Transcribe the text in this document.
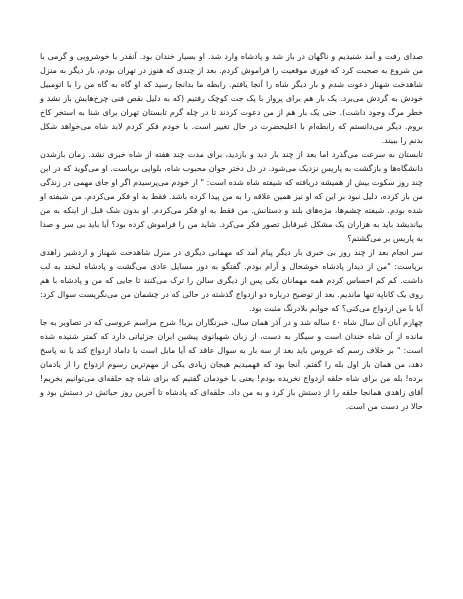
صدای رفت و آمد شنیدیم و ناگهان در باز شد و پادشاه وارد شد. او بسیار خندان بود. آنقدر با خوشرویی و گرمی با من شروع به صحبت کرد که فوری موقعیت را فراموش کردم. بعد از چندی که هنوز در تهران بودم، بار دیگر به منزل شاهدخت شهناز دعوت شدم و بار دیگر شاه را آنجا یافتم. رابطه ما بدانجا رسید که او گاه به گاه من را با اتومبیل خودش به گردش می‌برد. یک بار هم برای پرواز با یک جت کوچک رفتیم (که به دلیل نقص فنی چرخ‌هایش باز نشد و خطر مرگ وجود داشت). حتی یک بار هم از من دعوت کردند تا در چله گرم تابستان تهران برای شنا به استخر کاخ بروم. دیگر می‌دانستم که رابطه‌ام با اعلیحضرت در حال تغییر است. با خودم فکر کردم لابد شاه می‌خواهد شکل بدنم را ببیند.

تابستان به سرعت می‌گذرد اما بعد از چند بار دید و بازدید، برای مدت چند هفته از شاه خبری نشد. زمان بازشدن دانشگاه‌ها و بازگشت به پاریس نزدیک می‌شود. در دل دختر جوان محبوب شاه، بلوایی برپاست. او می‌گوید که در این چند روز سکوت بیش از همیشه دریافته که شیفته شاه شده است: " از خودم می‌پرسیدم اگر او جای مهمی در زندگی من باز کرده، دلیل نبود بر این که او نیز همین علاقه را به من پیدا کرده باشد. فقط به او فکر می‌کردم. من شیفته او شده بودم. شیفته چشم‌ها، مژه‌های بلند و دستانش. من فقط به او فکر می‌کردم. او بدون شک قبل از اینکه به من بیاندیشد باید به هزاران یک مشکل غیرقابل تصور فکر می‌کرد. شاید من را فراموش کرده بود؟ آیا باید بی سر و صدا به پاریس بر می‌گشتم؟

سر انجام بعد از چند روز بی خبری بار دیگر پیام آمد که مهمانی دیگری در منزل شاهدخت شهناز و اردشیر زاهدی برپاست: "من از دیدار پادشاه خوشحال و آرام بودم. گفتگو به دور مسایل عادی می‌گشت و پادشاه لبخند به لب داشت. کم کم احساس کردم همه مهمانان یکی پس از دیگری سالن را ترک می‌کنند تا جایی که من و پادشاه با هم روی یک کاناپه تنها ماندیم. بعد از توضیح درباره دو ازدواج گذشته در حالی که در چشمان من می‌نگریست سوال کرد: آیا با من ازدواج می‌کنی؟ که جوابم بلادرنگ مثبت بود.

چهارم آبان آن سال شاه ٤٠ ساله شد و در آذر همان سال، خبرنگاران بریا! شرح مراسم عروسی که در تصاویر به جا مانده از آن شاه خندان است و سیگار به دست، از زبان شهبانوی پیشین ایران جزئیاتی دارد که کمتر شنیده شده است: " بر خلاف رسم که عروس باید بعد از سه بار به سوال عاقد که آیا مایل است با داماد ازدواج کند یا نه پاسخ دهد، من همان بار اول بله را گفتم. آنجا بود که فهمیدیم هیجان زیادی یکی از مهم‌ترین رسوم ازدواج را از یادمان برده! بله من برای شاه حلقه ازدواج نخریده بودم! یعنی با خودمان گفتیم که برای شاه چه حلقه‌ای می‌توانیم بخریم! آقای زاهدی همانجا حلقه را از دستش باز کرد و به من داد. حلقه‌ای که پادشاه تا آخرین روز حیاتش در دستش بود و حالا در دست من است.
